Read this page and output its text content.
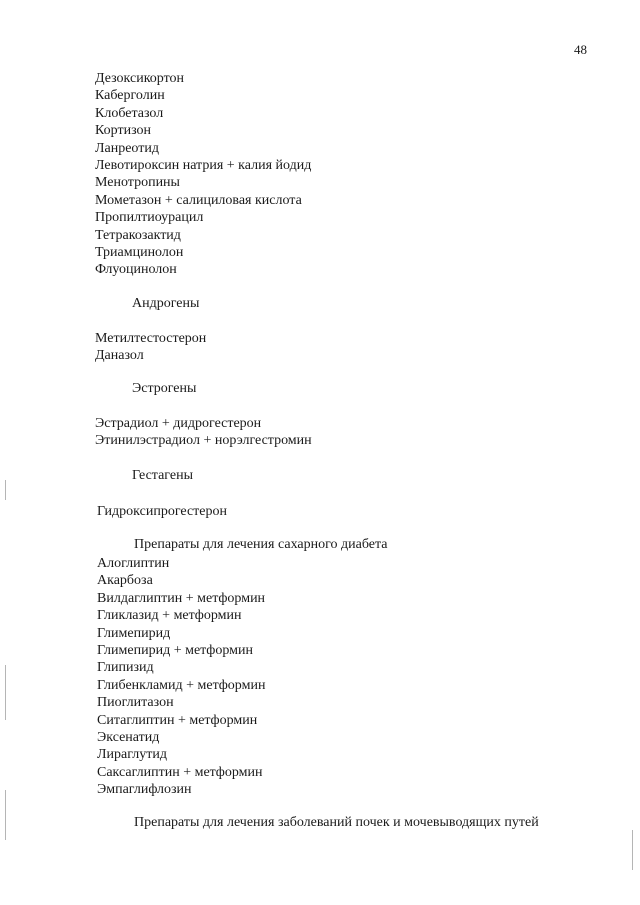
48
Дезоксикортон
Каберголин
Клобетазол
Кортизон
Ланреотид
Левотироксин натрия + калия йодид
Менотропины
Мометазон + салициловая кислота
Пропилтиоурацил
Тетракозактид
Триамцинолон
Флуоцинолон
Андрогены
Метилтестостерон
Даназол
Эстрогены
Эстрадиол + дидрогестерон
Этинилэстрадиол + норэлгестромин
Гестагены
Гидроксипрогестерон
Препараты для лечения сахарного диабета
Алоглиптин
Акарбоза
Вилдаглиптин + метформин
Гликлазид + метформин
Глимепирид
Глимепирид + метформин
Глипизид
Глибенкламид + метформин
Пиоглитазон
Ситаглиптин + метформин
Эксенатид
Лираглутид
Саксаглиптин + метформин
Эмпаглифлозин
Препараты для лечения заболеваний почек и мочевыводящих путей
